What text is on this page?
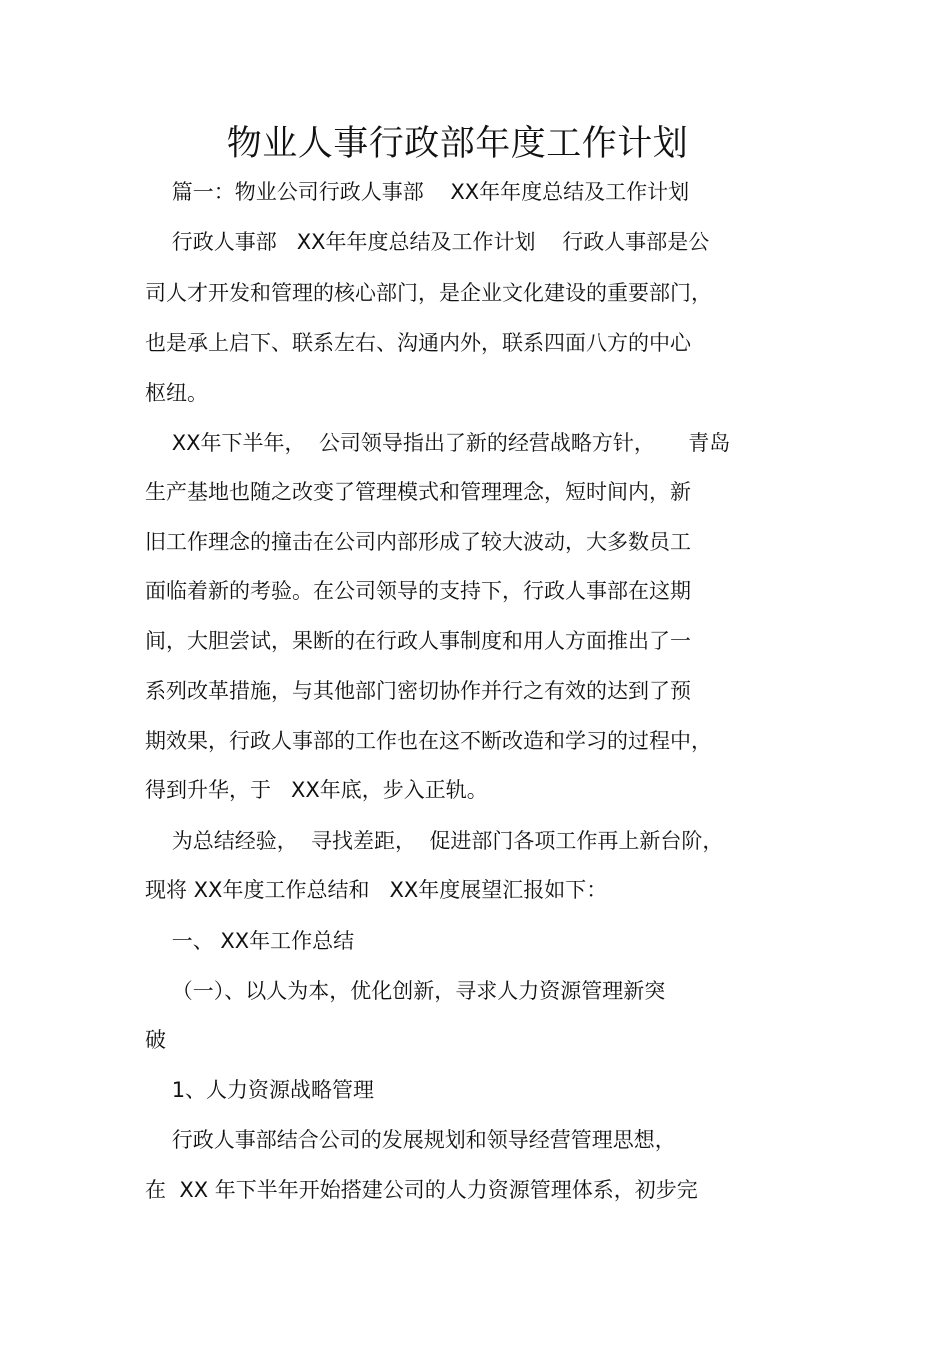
物业人事行政部年度工作计划
篇一：物业公司行政人事部    XX年年度总结及工作计划
行政人事部   XX年年度总结及工作计划    行政人事部是公
司人才开发和管理的核心部门，是企业文化建设的重要部门，
也是承上启下、联系左右、沟通内外，联系四面八方的中心
枢纽。
XX年下半年，  公司领导指出了新的经营战略方针，     青岛
生产基地也随之改变了管理模式和管理理念，短时间内，新
旧工作理念的撞击在公司内部形成了较大波动，大多数员工
面临着新的考验。在公司领导的支持下，行政人事部在这期
间，大胆尝试，果断的在行政人事制度和用人方面推出了一
系列改革措施，与其他部门密切协作并行之有效的达到了预
期效果，行政人事部的工作也在这不断改造和学习的过程中，
得到升华，于   XX年底，步入正轨。
为总结经验，  寻找差距，  促进部门各项工作再上新台阶，
现将 XX年度工作总结和   XX年度展望汇报如下：
一、 XX年工作总结
（一）、以人为本，优化创新，寻求人力资源管理新突
破
1、人力资源战略管理
行政人事部结合公司的发展规划和领导经营管理思想，
在  XX 年下半年开始搭建公司的人力资源管理体系，初步完
